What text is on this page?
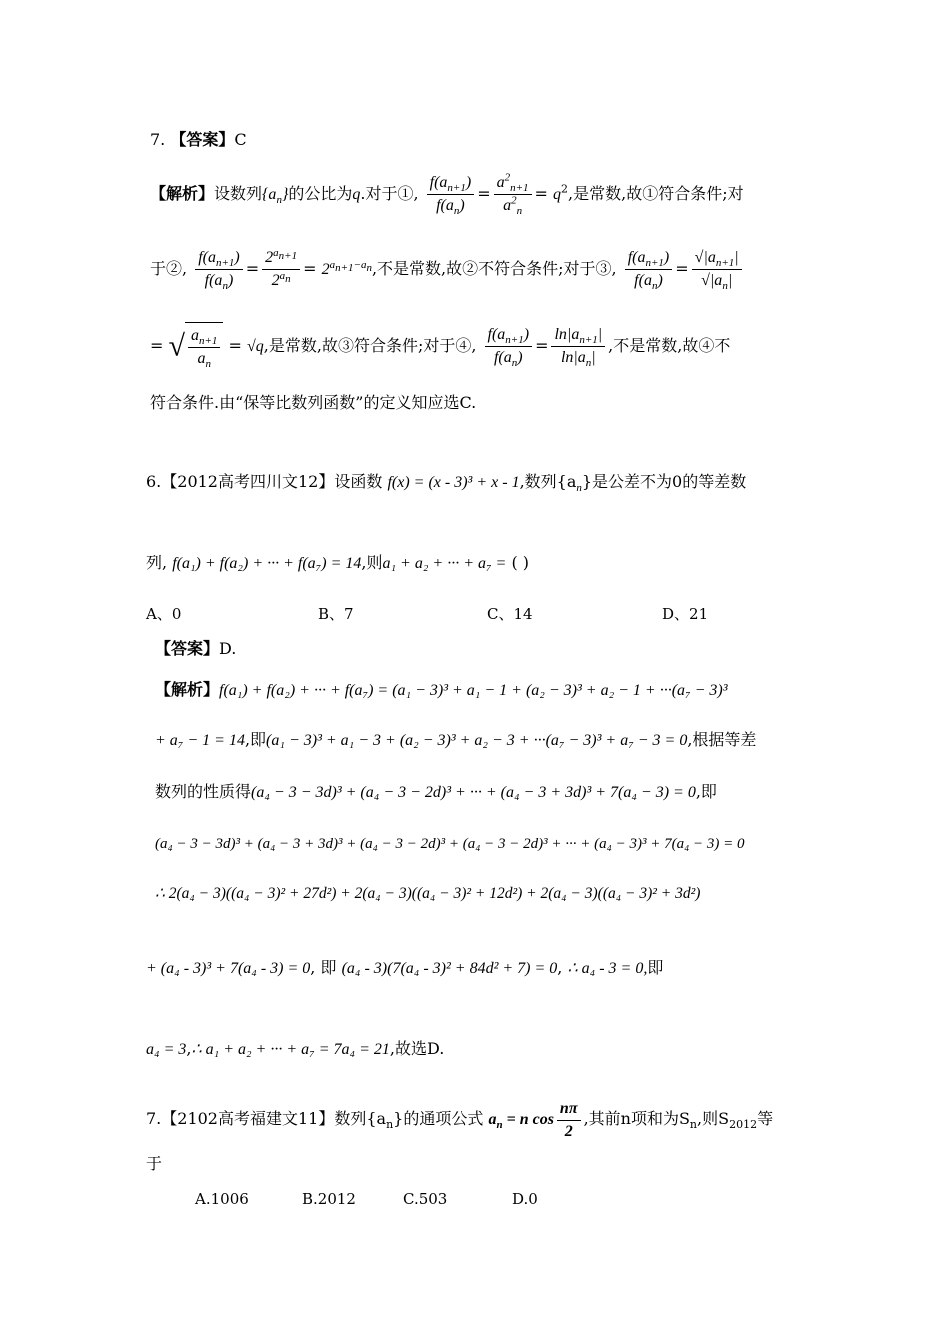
7. 【答案】C
【解析】设数列$\{a_n\}$的公比为q.对于①, $\frac{f(a_{n+1})}{f(a_n)} = \frac{a^2_{n+1}}{a^2_n} = q^2$,是常数,故①符合条件;对
于②, $\frac{f(a_{n+1})}{f(a_n)} = \frac{2^{a_{n+1}}}{2^{a_n}} = 2^{a_{n+1}-a_n}$,不是常数,故②不符合条件;对于③, $\frac{f(a_{n+1})}{f(a_n)} = \frac{√|a_{n+1}|}{√|a_n|}$
= √ $\frac{a_{n+1}}{a_n} = √q$,是常数,故③符合条件;对于④, $\frac{f(a_{n+1})}{f(a_n)} = \frac{\ln|a_{n+1}|}{\ln|a_n|}$ ,不是常数,故④不
符合条件.由“保等比数列函数”的定义知应选C.
6.【2012高考四川文12】设函数 f(x) = (x - 3)³ + x - 1,数列$\{a_n\}$是公差不为0的等差数
列, f(a₁) + f(a₂) + ··· + f(a₇) = 14,则a₁ + a₂ + ··· + a₇ = ( )
A、0	B、7	C、14	D、21
【答案】D.
【解析】f(a₁) + f(a₂) + ··· + f(a₇) = (a₁ − 3)³ + a₁ − 1 + (a₂ − 3)³ + a₂ − 1 + ···(a₇ − 3)³
+ a₇ − 1 = 14,即(a₁ − 3)³ + a₁ − 3 + (a₂ − 3)³ + a₂ − 3 + ···(a₇ − 3)³ + a₇ − 3 = 0,根据等差
数列的性质得(a₄ − 3 − 3d)³ + (a₄ − 3 − 2d)³ + ··· + (a₄ − 3 + 3d)³ + 7(a₄ − 3) = 0,即
(a₄ − 3 − 3d)³ + (a₄ − 3 + 3d)³ + (a₄ − 3 − 2d)³ + (a₄ − 3 − 2d)³ + ··· + (a₄ − 3)³ + 7(a₄ − 3) = 0
∴ 2(a₄ − 3)((a₄ − 3)² + 27d²) + 2(a₄ − 3)((a₄ − 3)² + 12d²) + 2(a₄ − 3)((a₄ − 3)² + 3d²)
+ (a₄ - 3)³ + 7(a₄ - 3) = 0, 即 (a₄ - 3)(7(a₄ - 3)² + 84d² + 7) = 0, ∴ a₄ - 3 = 0,即
a₄ = 3,∴ a₁ + a₂ + ··· + a₇ = 7a₄ = 21,故选D.
7.【2102高考福建文11】数列$\{a_n\}$的通项公式 $a_n = n$ $\cos \frac{n\pi}{2}$ ,其前n项和为$S_n$,则$S_{2012}$等
于
A.1006	B.2012	C.503	D.0
